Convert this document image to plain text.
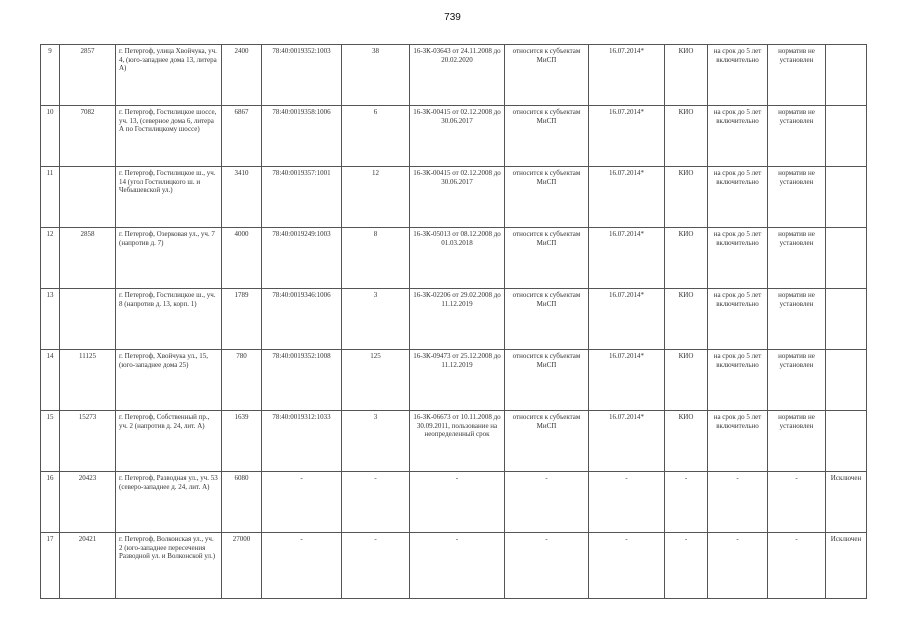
739
9	2857	г. Петергоф, улица Хвойчука, уч. 4, (юго-западнее дома 13, литера А)	2400	78:40:0019352:1003	38	16-ЗК-03643 от 24.11.2008 до 20.02.2020	относится к субъектам МиСП	16.07.2014*	КИО	на срок до 5 лет включительно	норматив не установлен	
10	7082	г. Петергоф, Гостилицкое шоссе, уч. 13, (северное дома 6, литера А по Гостилицкому шоссе)	6867	78:40:0019358:1006	6	16-ЗК-00415 от 02.12.2008 до 30.06.2017	относится к субъектам МиСП	16.07.2014*	КИО	на срок до 5 лет включительно	норматив не установлен	
11		г. Петергоф, Гостилицкое ш., уч. 14 (угол Гостилицкого ш. и Чебышевской ул.)	3410	78:40:0019357:1001	12	16-ЗК-00415 от 02.12.2008 до 30.06.2017	относится к субъектам МиСП	16.07.2014*	КИО	на срок до 5 лет включительно	норматив не установлен	
12	2858	г. Петергоф, Озерковая ул., уч. 7 (напротив д. 7)	4000	78:40:0019249:1003	8	16-ЗК-05013 от 08.12.2008 до 01.03.2018	относится к субъектам МиСП	16.07.2014*	КИО	на срок до 5 лет включительно	норматив не установлен	
13		г. Петергоф, Гостилицкое ш., уч. 8 (напротив д. 13, корп. 1)	1789	78:40:0019346:1006	3	16-ЗК-02206 от 29.02.2008 до 11.12.2019	относится к субъектам МиСП	16.07.2014*	КИО	на срок до 5 лет включительно	норматив не установлен	
14	11125	г. Петергоф, Хвойчука ул., 15, (юго-западнее дома 25)	780	78:40:0019352:1008	125	16-ЗК-09473 от 25.12.2008 до 11.12.2019	относится к субъектам МиСП	16.07.2014*	КИО	на срок до 5 лет включительно	норматив не установлен	
15	15273	г. Петергоф, Собственный пр., уч. 2 (напротив д. 24, лит. А)	1639	78:40:0019312:1033	3	16-ЗК-06673 от 10.11.2008 до 30.09.2011, пользование на неопределенный срок	относится к субъектам МиСП	16.07.2014*	КИО	на срок до 5 лет включительно	норматив не установлен	
16	20423	г. Петергоф, Разводная ул., уч. 53 (северо-западнее д. 24, лит. А)	6080	-	-	-	-	-	-	-	-	Исключен
17	20421	г. Петергоф, Волконская ул., уч. 2 (юго-западнее пересечения Разводной ул. и Волконской ул.)	27000	-	-	-	-	-	-	-	-	Исключен
